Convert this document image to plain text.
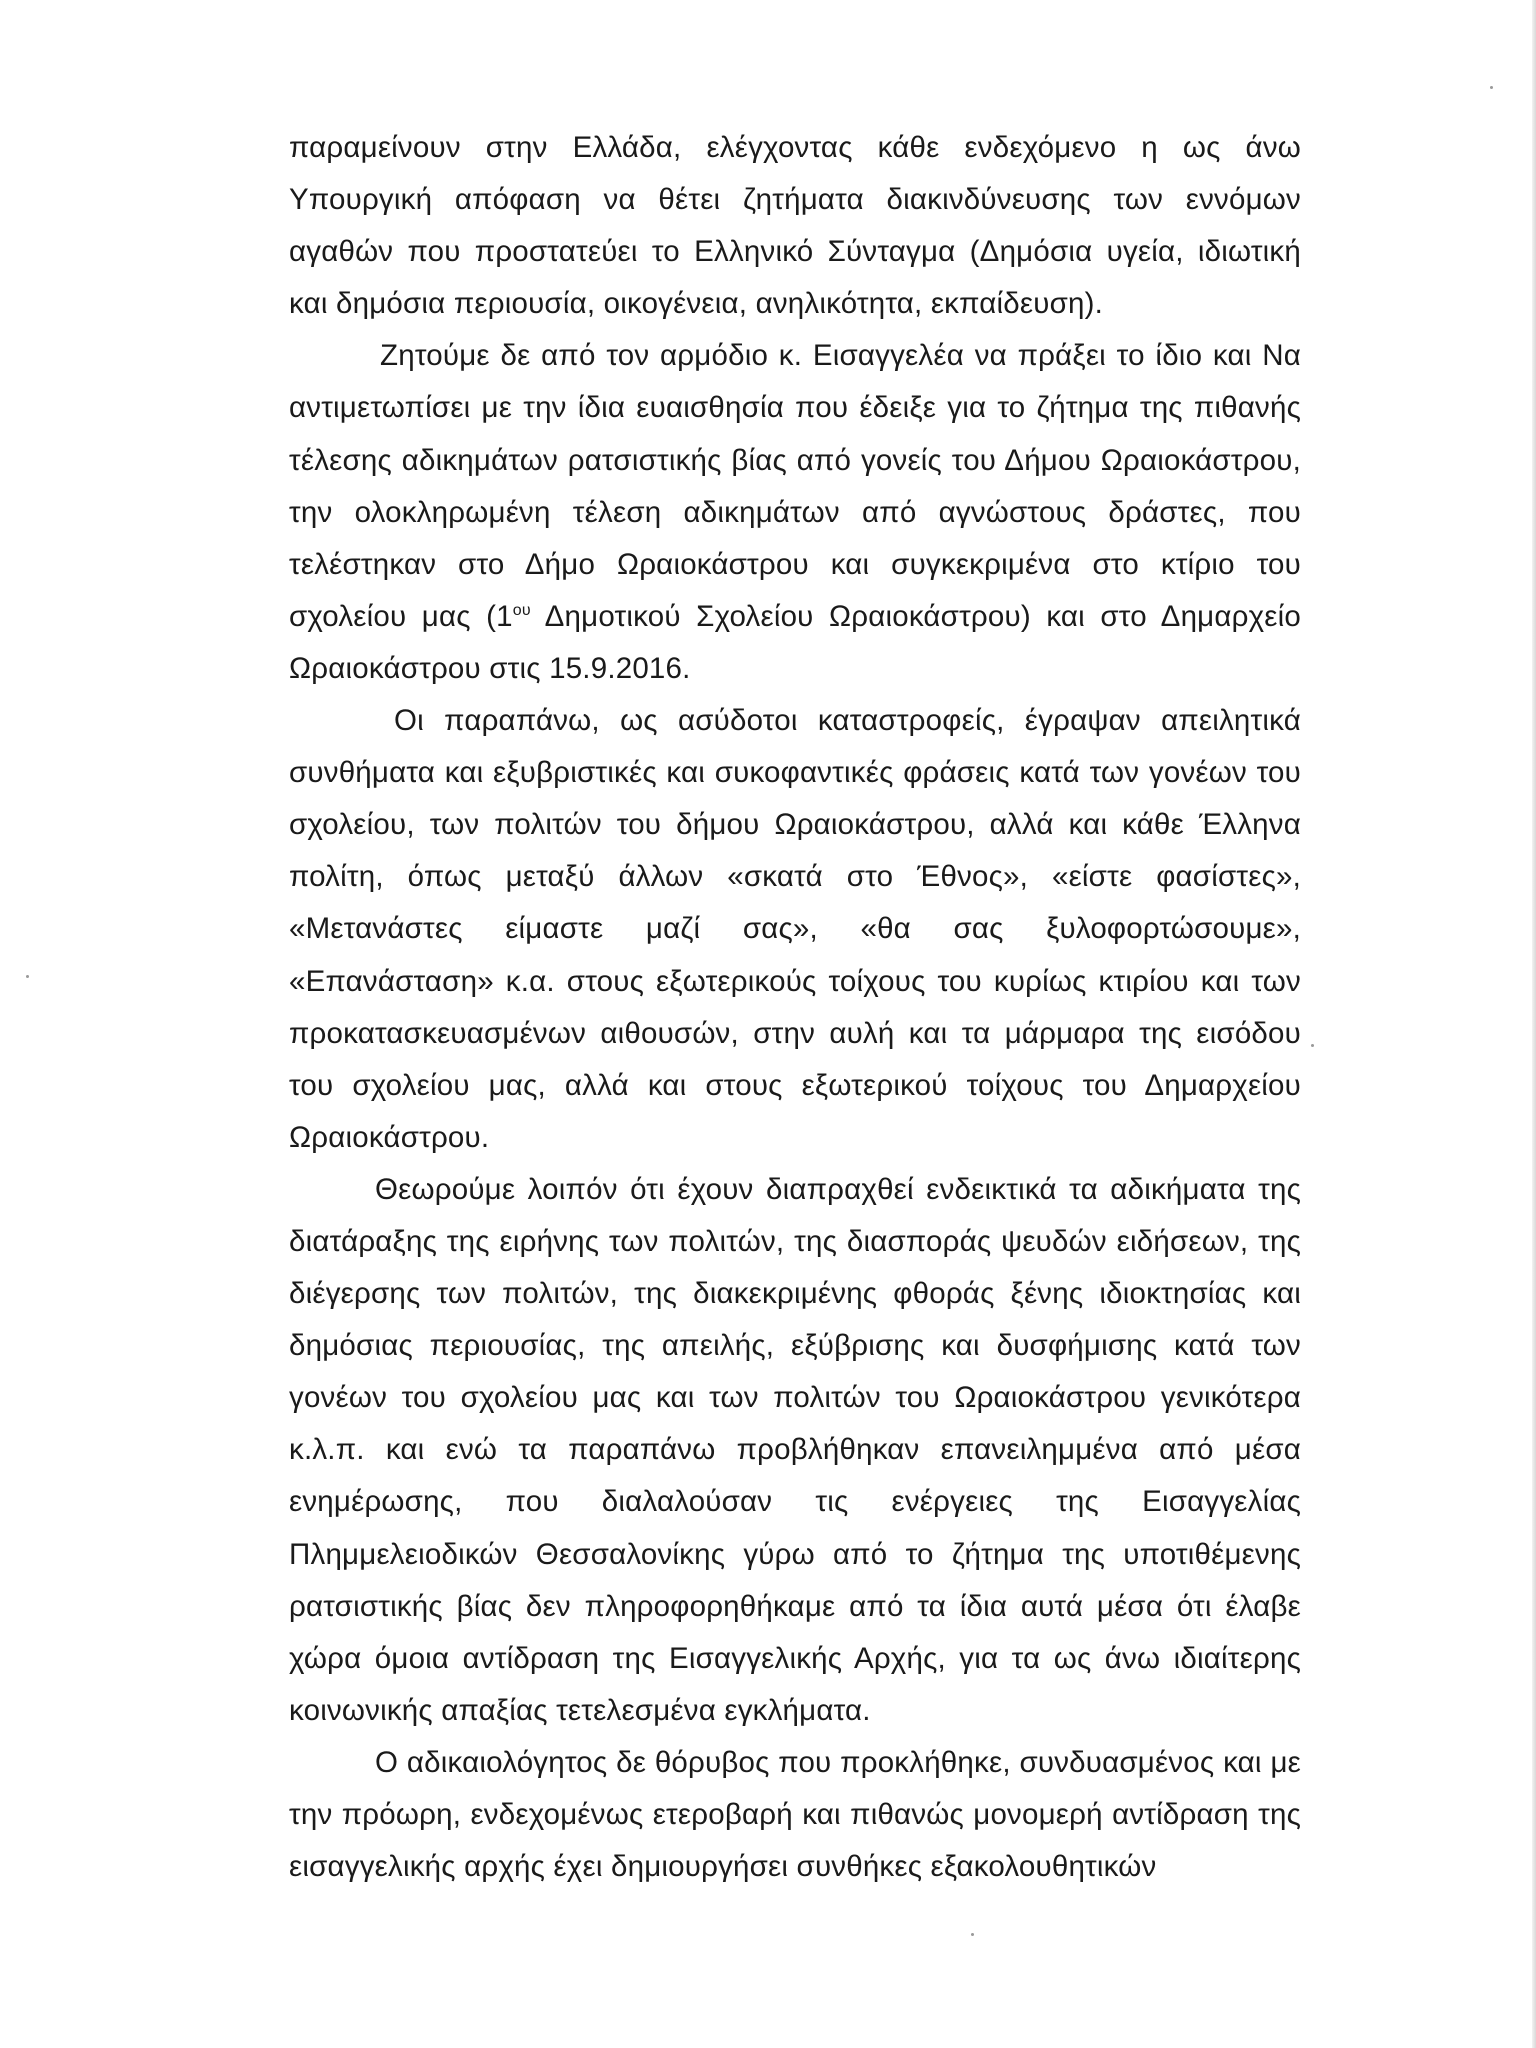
παραμείνουν στην Ελλάδα, ελέγχοντας κάθε ενδεχόμενο η ως άνω Υπουργική απόφαση να θέτει ζητήματα διακινδύνευσης των εννόμων αγαθών που προστατεύει το Ελληνικό Σύνταγμα (Δημόσια υγεία, ιδιωτική και δημόσια περιουσία, οικογένεια, ανηλικότητα, εκπαίδευση).

Ζητούμε δε από τον αρμόδιο κ. Εισαγγελέα να πράξει το ίδιο και Να αντιμετωπίσει με την ίδια ευαισθησία που έδειξε για το ζήτημα της πιθανής τέλεσης αδικημάτων ρατσιστικής βίας από γονείς του Δήμου Ωραιοκάστρου, την ολοκληρωμένη τέλεση αδικημάτων από αγνώστους δράστες, που τελέστηκαν στο Δήμο Ωραιοκάστρου και συγκεκριμένα στο κτίριο του σχολείου μας ($1^{o\upsilon}$ Δημοτικού Σχολείου Ωραιοκάστρου) και στο Δημαρχείο Ωραιοκάστρου στις 15.9.2016.

Οι παραπάνω, ως ασύδοτοι καταστροφείς, έγραψαν απειλητικά συνθήματα και εξυβριστικές και συκοφαντικές φράσεις κατά των γονέων του σχολείου, των πολιτών του δήμου Ωραιοκάστρου, αλλά και κάθε Έλληνα πολίτη, όπως μεταξύ άλλων «σκατά στο Έθνος», «είστε φασίστες», «Μετανάστες είμαστε μαζί σας», «θα σας ξυλοφορτώσουμε», «Επανάσταση» κ.α. στους εξωτερικούς τοίχους του κυρίως κτιρίου και των προκατασκευασμένων αιθουσών, στην αυλή και τα μάρμαρα της εισόδου του σχολείου μας, αλλά και στους εξωτερικού τοίχους του Δημαρχείου Ωραιοκάστρου.

Θεωρούμε λοιπόν ότι έχουν διαπραχθεί ενδεικτικά τα αδικήματα της διατάραξης της ειρήνης των πολιτών, της διασποράς ψευδών ειδήσεων, της διέγερσης των πολιτών, της διακεκριμένης φθοράς ξένης ιδιοκτησίας και δημόσιας περιουσίας, της απειλής, εξύβρισης και δυσφήμισης κατά των γονέων του σχολείου μας και των πολιτών του Ωραιοκάστρου γενικότερα κ.λ.π. και ενώ τα παραπάνω προβλήθηκαν επανειλημμένα από μέσα ενημέρωσης, που διαλαλούσαν τις ενέργειες της Εισαγγελίας Πλημμελειοδικών Θεσσαλονίκης γύρω από το ζήτημα της υποτιθέμενης ρατσιστικής βίας δεν πληροφορηθήκαμε από τα ίδια αυτά μέσα ότι έλαβε χώρα όμοια αντίδραση της Εισαγγελικής Αρχής, για τα ως άνω ιδιαίτερης κοινωνικής απαξίας τετελεσμένα εγκλήματα.

Ο αδικαιολόγητος δε θόρυβος που προκλήθηκε, συνδυασμένος και με την πρόωρη, ενδεχομένως ετεροβαρή και πιθανώς μονομερή αντίδραση της εισαγγελικής αρχής έχει δημιουργήσει συνθήκες εξακολουθητικών
